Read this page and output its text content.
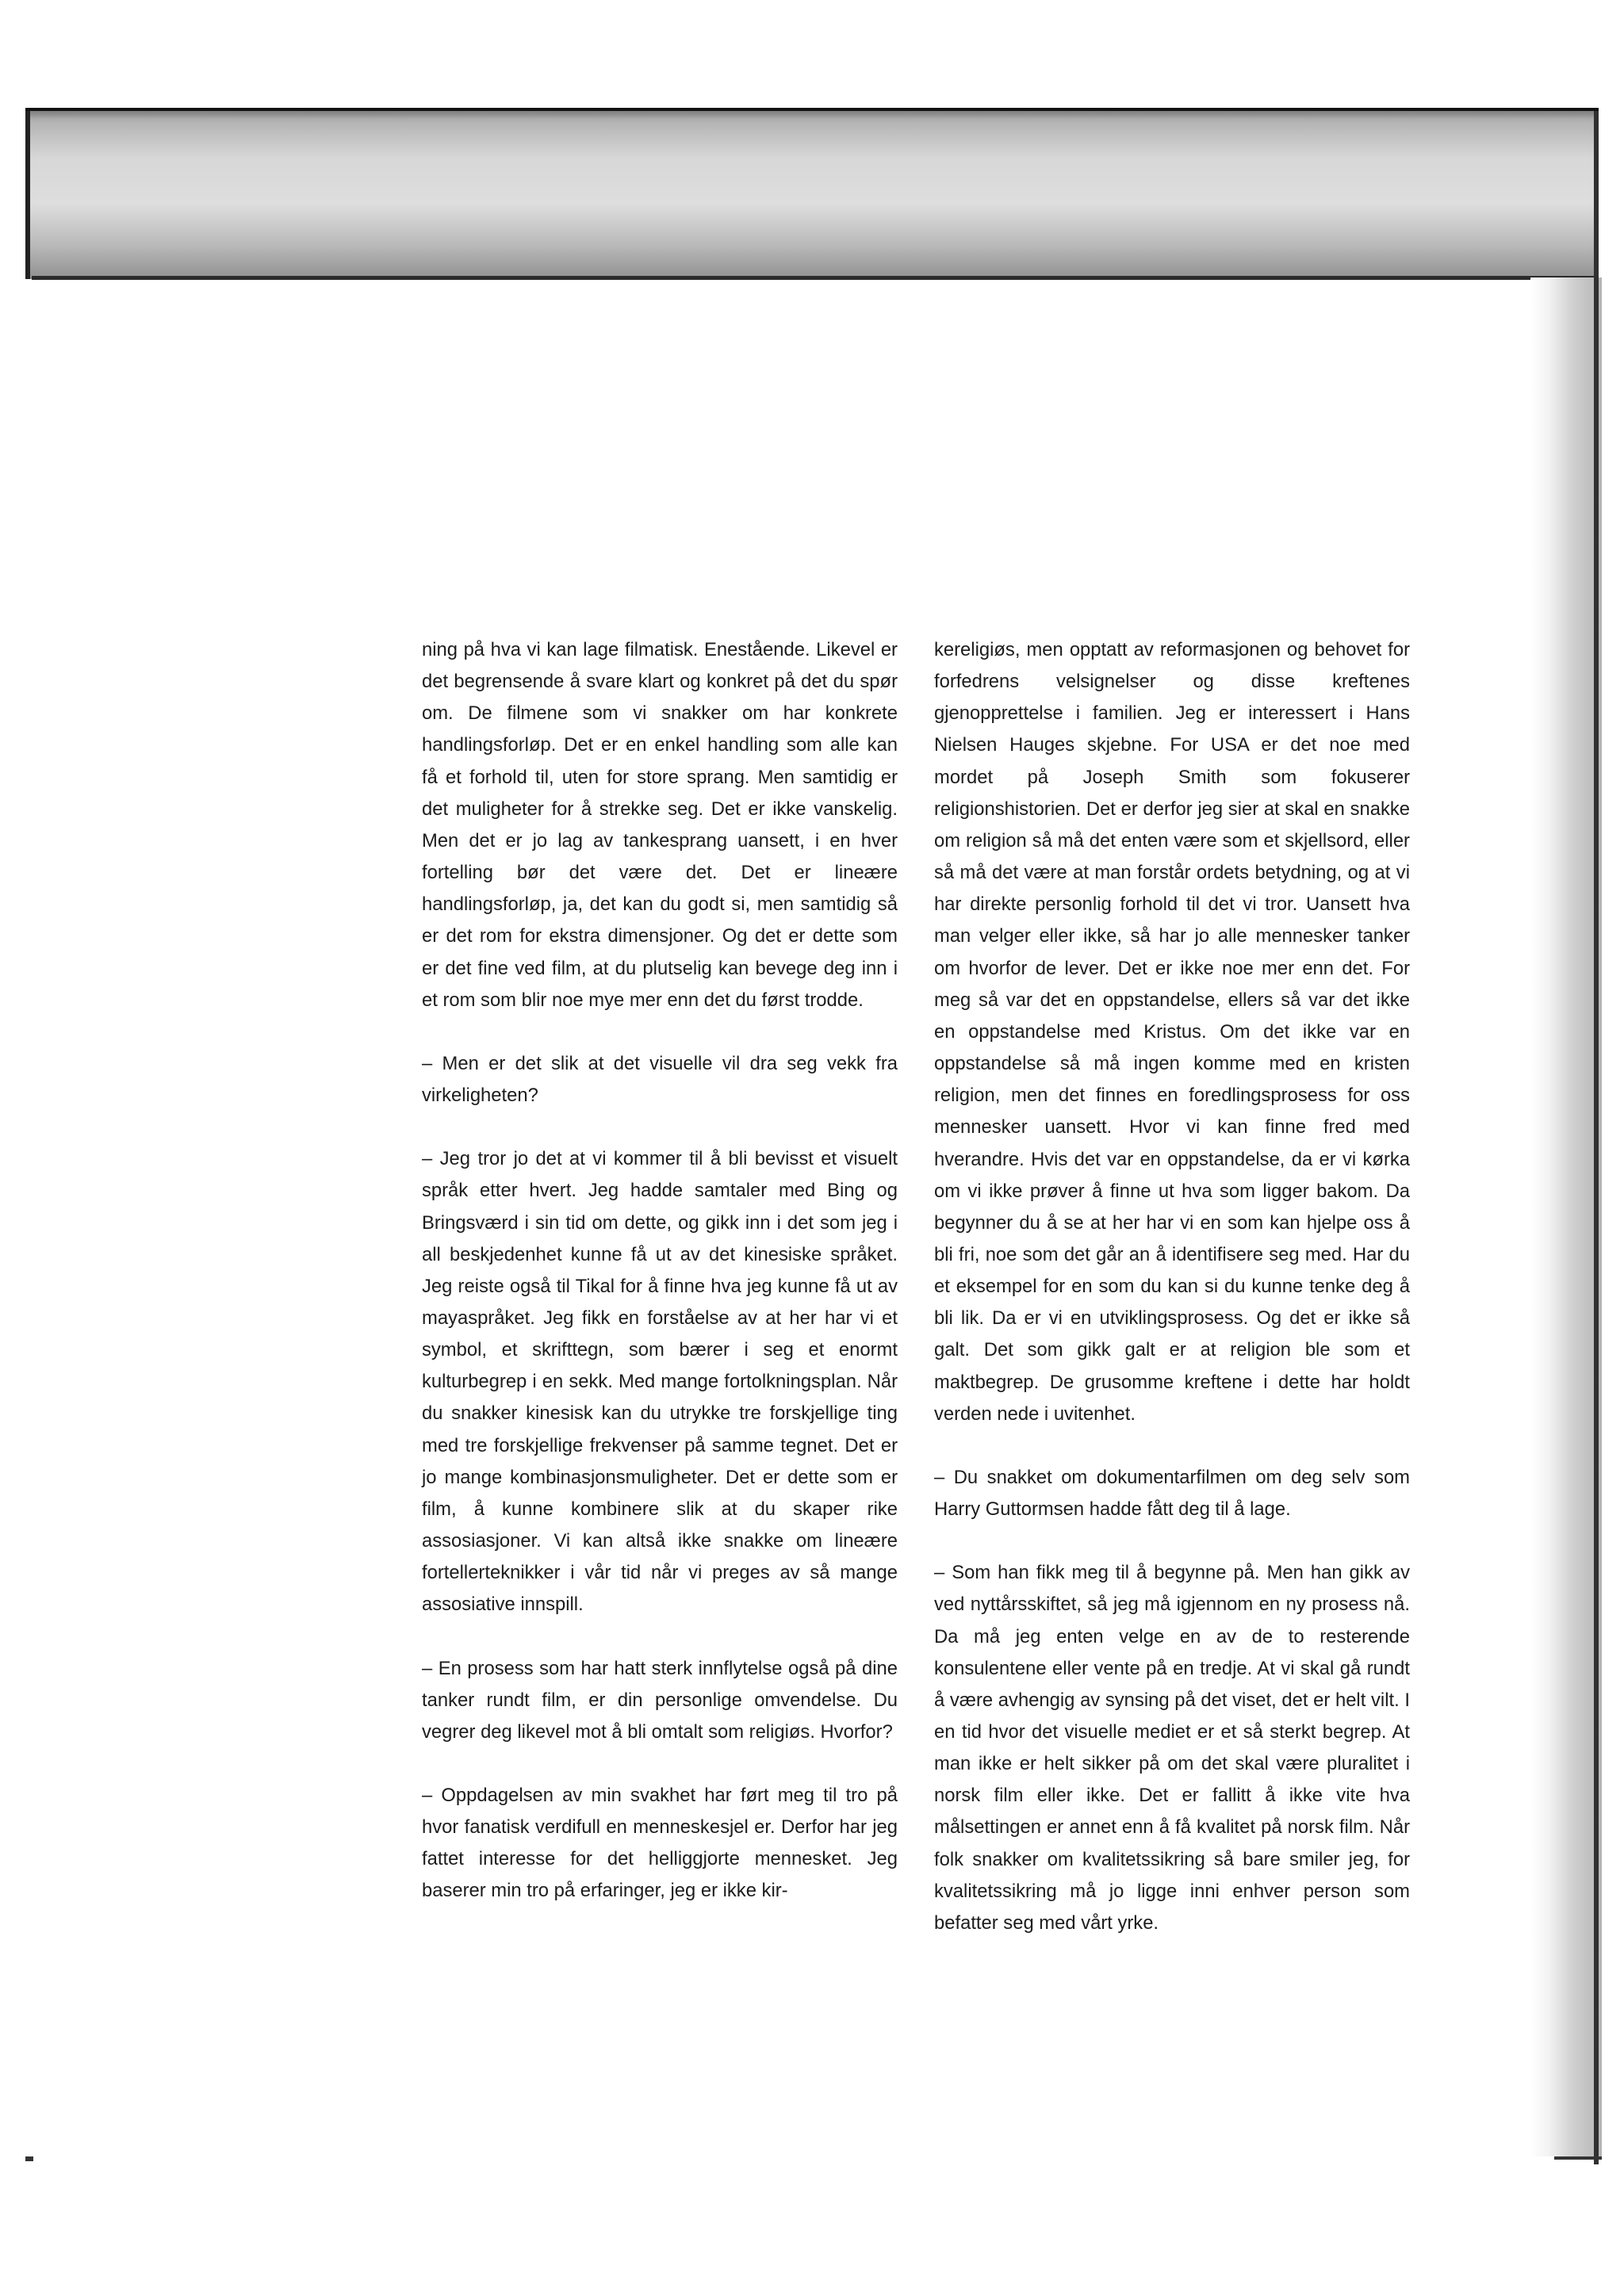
ning på hva vi kan lage filmatisk. Enestående. Likevel er det begrensende å svare klart og konkret på det du spør om. De filmene som vi snakker om har konkrete handlingsforløp. Det er en enkel handling som alle kan få et forhold til, uten for store sprang. Men samtidig er det muligheter for å strekke seg. Det er ikke vanskelig. Men det er jo lag av tankesprang uansett, i en hver fortelling bør det være det. Det er lineære handlingsforløp, ja, det kan du godt si, men samtidig så er det rom for ekstra dimensjoner. Og det er dette som er det fine ved film, at du plutselig kan bevege deg inn i et rom som blir noe mye mer enn det du først trodde.

– Men er det slik at det visuelle vil dra seg vekk fra virkeligheten?

– Jeg tror jo det at vi kommer til å bli bevisst et visuelt språk etter hvert. Jeg hadde samtaler med Bing og Bringsværd i sin tid om dette, og gikk inn i det som jeg i all beskjedenhet kunne få ut av det kinesiske språket. Jeg reiste også til Tikal for å finne hva jeg kunne få ut av mayaspråket. Jeg fikk en forståelse av at her har vi et symbol, et skrifttegn, som bærer i seg et enormt kulturbegrep i en sekk. Med mange fortolkningsplan. Når du snakker kinesisk kan du utrykke tre forskjellige ting med tre forskjellige frekvenser på samme tegnet. Det er jo mange kombinasjonsmuligheter. Det er dette som er film, å kunne kombinere slik at du skaper rike assosiasjoner. Vi kan altså ikke snakke om lineære fortellerteknikker i vår tid når vi preges av så mange assosiative innspill.

– En prosess som har hatt sterk innflytelse også på dine tanker rundt film, er din personlige omvendelse. Du vegrer deg likevel mot å bli omtalt som religiøs. Hvorfor?

– Oppdagelsen av min svakhet har ført meg til tro på hvor fanatisk verdifull en menneskesjel er. Derfor har jeg fattet interesse for det helliggjorte mennesket. Jeg baserer min tro på erfaringer, jeg er ikke kir-

kereligiøs, men opptatt av reformasjonen og behovet for forfedrens velsignelser og disse kreftenes gjenopprettelse i familien. Jeg er interessert i Hans Nielsen Hauges skjebne. For USA er det noe med mordet på Joseph Smith som fokuserer religionshistorien. Det er derfor jeg sier at skal en snakke om religion så må det enten være som et skjellsord, eller så må det være at man forstår ordets betydning, og at vi har direkte personlig forhold til det vi tror. Uansett hva man velger eller ikke, så har jo alle mennesker tanker om hvorfor de lever. Det er ikke noe mer enn det. For meg så var det en oppstandelse, ellers så var det ikke en oppstandelse med Kristus. Om det ikke var en oppstandelse så må ingen komme med en kristen religion, men det finnes en foredlingsprosess for oss mennesker uansett. Hvor vi kan finne fred med hverandre. Hvis det var en oppstandelse, da er vi kørka om vi ikke prøver å finne ut hva som ligger bakom. Da begynner du å se at her har vi en som kan hjelpe oss å bli fri, noe som det går an å identifisere seg med. Har du et eksempel for en som du kan si du kunne tenke deg å bli lik. Da er vi en utviklingsprosess. Og det er ikke så galt. Det som gikk galt er at religion ble som et maktbegrep. De grusomme kreftene i dette har holdt verden nede i uvitenhet.

– Du snakket om dokumentarfilmen om deg selv som Harry Guttormsen hadde fått deg til å lage.

– Som han fikk meg til å begynne på. Men han gikk av ved nyttårsskiftet, så jeg må igjennom en ny prosess nå. Da må jeg enten velge en av de to resterende konsulentene eller vente på en tredje. At vi skal gå rundt å være avhengig av synsing på det viset, det er helt vilt. I en tid hvor det visuelle mediet er et så sterkt begrep. At man ikke er helt sikker på om det skal være pluralitet i norsk film eller ikke. Det er fallitt å ikke vite hva målsettingen er annet enn å få kvalitet på norsk film. Når folk snakker om kvalitetssikring så bare smiler jeg, for kvalitetssikring må jo ligge inni enhver person som befatter seg med vårt yrke.
